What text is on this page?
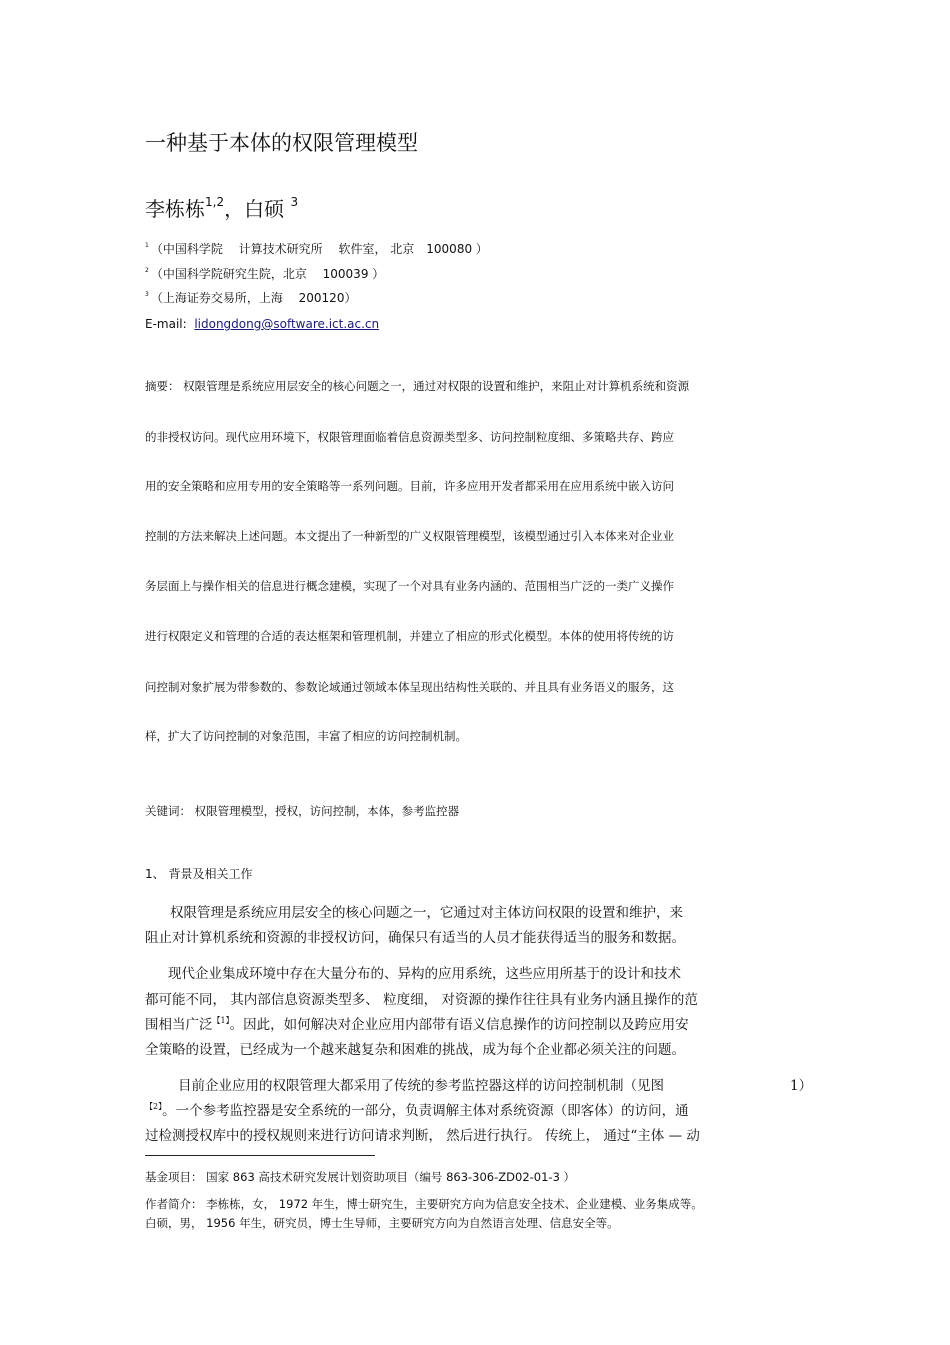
一种基于本体的权限管理模型
李栋栋$^{1,2}$，白硕 $^3$
$^1$ （中国科学院　 计算技术研究所　 软件室， 北京　100080 ）
$^2$ （中国科学院研究生院，北京　 100039 ）
$^3$ （上海证券交易所，上海　 200120）
E-mail: lidongdong@software.ict.ac.cn
摘要： 权限管理是系统应用层安全的核心问题之一，通过对权限的设置和维护，来阻止对计算机系统和资源
的非授权访问。现代应用环境下，权限管理面临着信息资源类型多、访问控制粒度细、多策略共存、跨应
用的安全策略和应用专用的安全策略等一系列问题。目前，许多应用开发者都采用在应用系统中嵌入访问
控制的方法来解决上述问题。本文提出了一种新型的广义权限管理模型，该模型通过引入本体来对企业业
务层面上与操作相关的信息进行概念建模，实现了一个对具有业务内涵的、范围相当广泛的一类广义操作
进行权限定义和管理的合适的表达框架和管理机制，并建立了相应的形式化模型。本体的使用将传统的访
问控制对象扩展为带参数的、参数论域通过领域本体呈现出结构性关联的、并且具有业务语义的服务，这
样，扩大了访问控制的对象范围，丰富了相应的访问控制机制。
关键词： 权限管理模型，授权，访问控制，本体，参考监控器
1、 背景及相关工作
权限管理是系统应用层安全的核心问题之一，它通过对主体访问权限的设置和维护，来
阻止对计算机系统和资源的非授权访问，确保只有适当的人员才能获得适当的服务和数据。
现代企业集成环境中存在大量分布的、异构的应用系统，这些应用所基于的设计和技术
都可能不同， 其内部信息资源类型多、 粒度细， 对资源的操作往往具有业务内涵且操作的范
围相当广泛$^{【1】}$。因此，如何解决对企业应用内部带有语义信息操作的访问控制以及跨应用安
全策略的设置，已经成为一个越来越复杂和困难的挑战，成为每个企业都必须关注的问题。
目前企业应用的权限管理大都采用了传统的参考监控器这样的访问控制机制（见图	1）
$^{【2】}$。一个参考监控器是安全系统的一部分，负责调解主体对系统资源（即客体）的访问，通
过检测授权库中的授权规则来进行访问请求判断， 然后进行执行。 传统上， 通过“主体 — 动
基金项目： 国家 863 高技术研究发展计划资助项目（编号 863-306-ZD02-01-3 ）
作者简介： 李栋栋，女， 1972 年生，博士研究生，主要研究方向为信息安全技术、企业建模、业务集成等。
白硕，男， 1956 年生，研究员，博士生导师，主要研究方向为自然语言处理、信息安全等。
